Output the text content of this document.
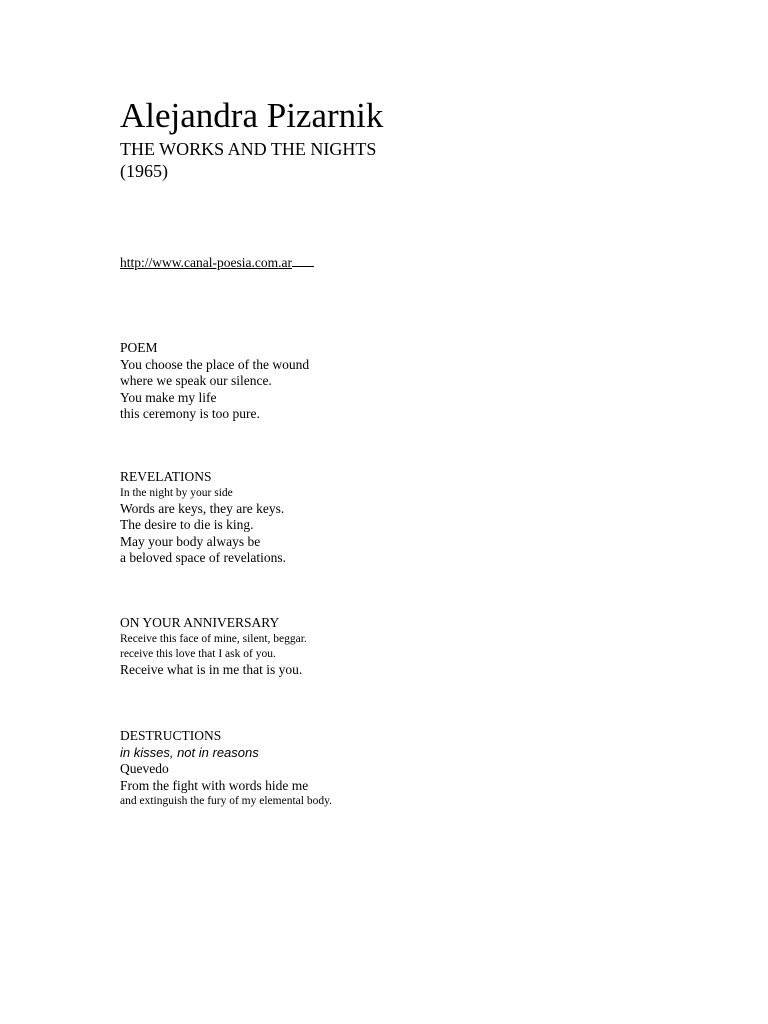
Alejandra Pizarnik
THE WORKS AND THE NIGHTS
(1965)
http://www.canal-poesia.com.ar
POEM
You choose the place of the wound
where we speak our silence.
You make my life
this ceremony is too pure.
REVELATIONS
In the night by your side
Words are keys, they are keys.
The desire to die is king.
May your body always be
a beloved space of revelations.
ON YOUR ANNIVERSARY
Receive this face of mine, silent, beggar.
receive this love that I ask of you.
Receive what is in me that is you.
DESTRUCTIONS
in kisses, not in reasons
Quevedo
From the fight with words hide me
and extinguish the fury of my elemental body.
